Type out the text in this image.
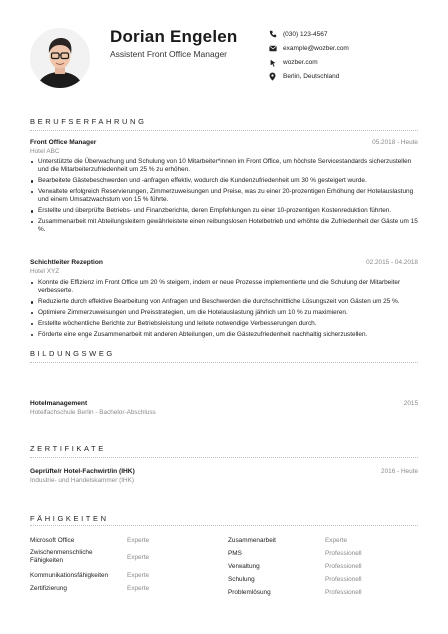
Dorian Engelen
Assistent Front Office Manager
(030) 123-4567
example@wozber.com
wozber.com
Berlin, Deutschland
BERUFSERFAHRUNG
Front Office Manager	05.2018 - Heute
Hotel ABC
Unterstützte die Überwachung und Schulung von 10 Mitarbeiter*innen im Front Office, um höchste Servicestandards sicherzustellen und die Mitarbeiterzufriedenheit um 25 % zu erhöhen.
Bearbeitete Gästebeschwerden und -anfragen effektiv, wodurch die Kundenzufriedenheit um 30 % gesteigert wurde.
Verwaltete erfolgreich Reservierungen, Zimmerzuweisungen und Preise, was zu einer 20-prozentigen Erhöhung der Hotelauslastung und einem Umsatzwachstum von 15 % führte.
Erstellte und überprüfte Betriebs- und Finanzberichte, deren Empfehlungen zu einer 10-prozentigen Kostenreduktion führten.
Zusammenarbeit mit Abteilungsleitern gewährleistete einen reibungslosen Hotelbetrieb und erhöhte die Zufriedenheit der Gäste um 15 %.
Schichtleiter Rezeption	02.2015 - 04.2018
Hotel XYZ
Konnte die Effizienz im Front Office um 20 % steigern, indem er neue Prozesse implementierte und die Schulung der Mitarbeiter verbesserte.
Reduzierte durch effektive Bearbeitung von Anfragen und Beschwerden die durchschnittliche Lösungszeit von Gästen um 25 %.
Optimiere Zimmerzuweisungen und Preisstrategien, um die Hotelauslastung jährlich um 10 % zu maximieren.
Erstellte wöchentliche Berichte zur Betriebsleistung und leitete notwendige Verbesserungen durch.
Förderte eine enge Zusammenarbeit mit anderen Abteilungen, um die Gästezufriedenheit nachhaltig sicherzustellen.
BILDUNGSWEG
Hotelmanagement	2015
Hotelfachschule Berlin - Bachelor-Abschluss
ZERTIFIKATE
Geprüfte/r Hotel-Fachwirt/in (IHK)	2016 - Heute
Industrie- und Handelskammer (IHK)
FÄHIGKEITEN
Microsoft Office	Experte
Zwischenmenschliche Fähigkeiten	Experte
Kommunikationsfähigkeiten	Experte
Zertifizierung	Experte
Zusammenarbeit	Experte
PMS	Professionell
Verwaltung	Professionell
Schulung	Professionell
Problemlösung	Professionell
